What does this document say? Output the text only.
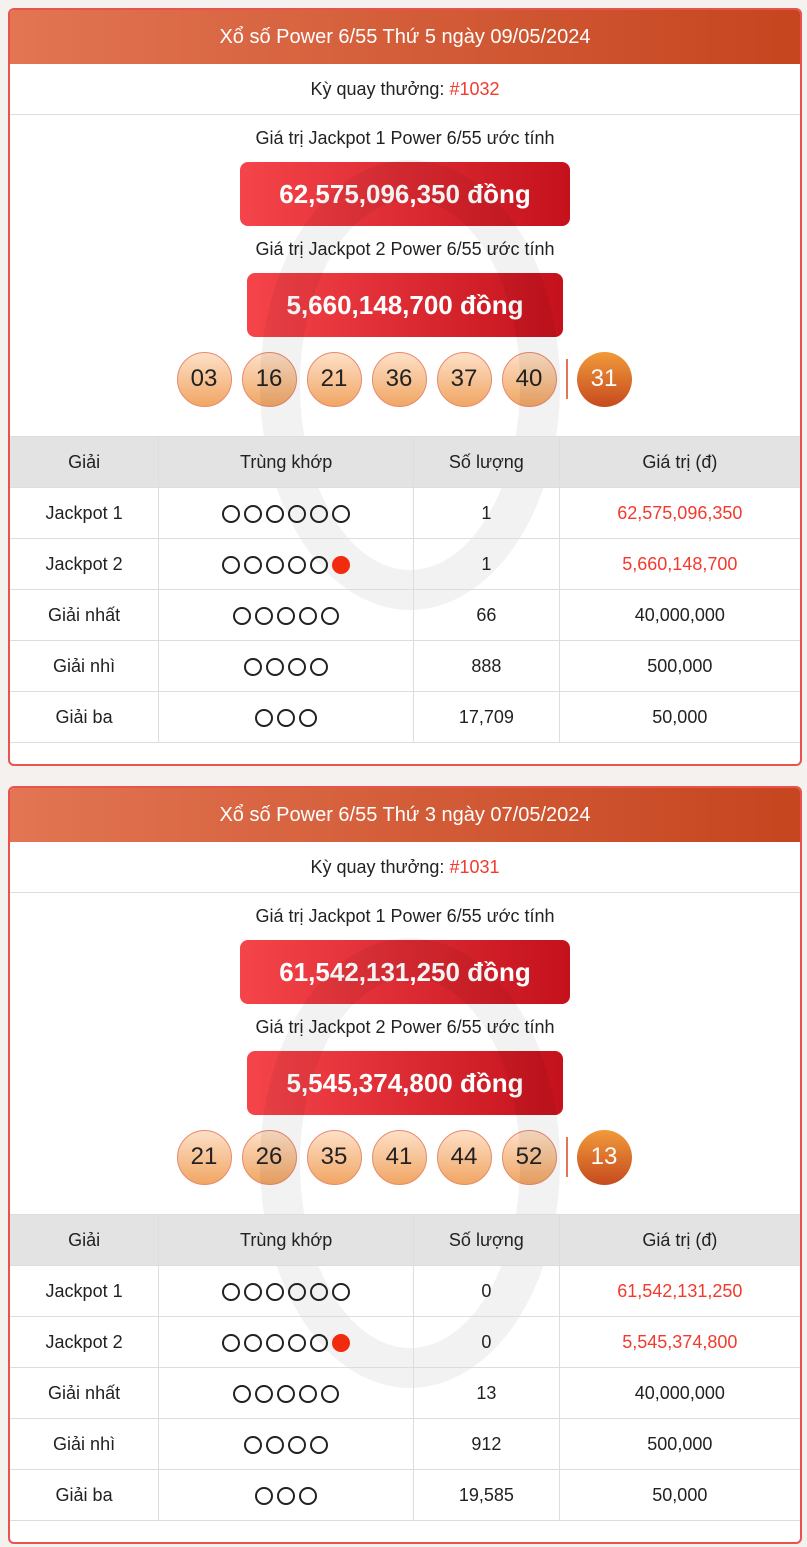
Xổ số Power 6/55 Thứ 5 ngày 09/05/2024
Kỳ quay thưởng: #1032
Giá trị Jackpot 1 Power 6/55 ước tính
62,575,096,350 đồng
Giá trị Jackpot 2 Power 6/55 ước tính
5,660,148,700 đồng
03	16	21	36	37	40	31
Giải	Trùng khớp	Số lượng	Giá trị (đ)
Jackpot 1		1	62,575,096,350
Jackpot 2		1	5,660,148,700
Giải nhất		66	40,000,000
Giải nhì		888	500,000
Giải ba		17,709	50,000
Xổ số Power 6/55 Thứ 3 ngày 07/05/2024
Kỳ quay thưởng: #1031
Giá trị Jackpot 1 Power 6/55 ước tính
61,542,131,250 đồng
Giá trị Jackpot 2 Power 6/55 ước tính
5,545,374,800 đồng
21	26	35	41	44	52	13
Giải	Trùng khớp	Số lượng	Giá trị (đ)
Jackpot 1		0	61,542,131,250
Jackpot 2		0	5,545,374,800
Giải nhất		13	40,000,000
Giải nhì		912	500,000
Giải ba		19,585	50,000
